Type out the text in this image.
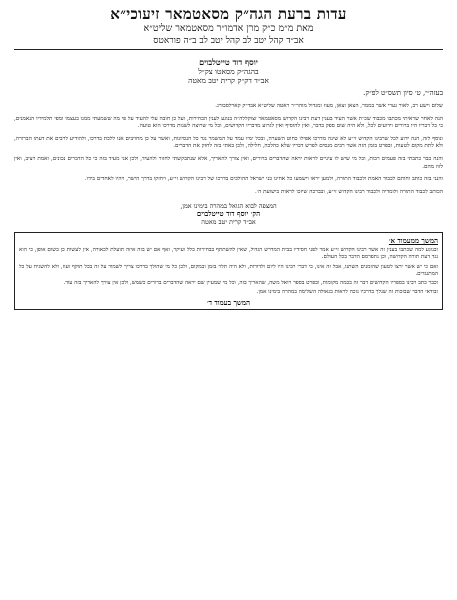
עדות ברעת הגה״ק מסאטמאר זיעוכי״א
מאת מ״מ כ״ק מרן אדמו״ר מסאטמאר שליט״א
אב״ד קהל יטב לב קהל יטב לב ב״ה פוראטס
יוסף דוד טייטלבוים
בהגה״ק מסאטו צק״ל
אב״ד דק״ק קרית יטב מאטה
בעזה״י, ט׳ סיון תשס״ט לפ״ק.

שלום וישע רב, לאור נערי אשר בממר, הצאן וצאן, מעוז ומגדול מוהר״ר ראטה שליט״א אבד״ק קארלסבורג.

הנה לאחר שראיתי מכתבו מכבוד שכ״ת אשר העיד בענין דעת רבינו הקדוש מסאטמאר זצוקללה״ה בנוגע לענין הבחירות, ועל כן חובה עלי להעיד על פי מה ששמעתי ממנו בעצמו ומפי תלמידיו הנאמנים, כי כל דבריו היו ברורים וידועים לכל, ולא היה שום ספק בדבר, ואין להוסיף ואין לגרוע מדבריו הקדושים, וכל מי שרוצה לשנות מדרכו הוא טועה.

ונוסף לזה, הנה ידוע לכל שרבינו הקדוש זי״ע לא שינה מדרכו אפילו כחוט השערה, ובכל ימיו עמד על המשמר נגד כל הנסיונות, ואשר על כן מחויבים אנו ללכת בדרכו, ולהודיע לרבים את דעתו הברורה, ולא לתת מקום לטעות, ובפרט בזמן הזה אשר רבים מנסים לפרש דבריו שלא כהלכה, חלילה, ולכן באתי בזה לחזק את הדברים.

והנה כבר כתבתי בזה פעמים רבות, וכל מי שיש לו עיניים לראות יראה שהדברים ברורים, ואין צורך להאריך, אלא שנתבקשתי לחזור ולהעיד, ולכן אני מעיד בזה כי כל הדברים נכונים, ואמת ויציב, ואין לזוז מהם.

והנני בזה כותב וחותם לכבוד האמת ולכבוד התורה, ולמען יראו וישמעו כל אחינו בני ישראל ההולכים בדרכו של רבינו הקדוש זי״ע, ויחזקו בדרך הישר, ויהיו לאחדים בידו.

הכותב לכבוד התורה ולומדיה ולכבוד רבינו הקדוש זי״ע, ובברכה שיזכו לראות בישועת ה׳.

המצפה לבוא הגואל במהרה בימינו אמן,
הק׳ יוסף דוד טייטלבוים
אב״ד קרית יטב מאטה
המשך ממעמוד א׳

ובנוגע למה שכתבו בענין זה אשר רבינו הקדוש זי״ע אמר לפני חסידיו בבית המדרש הגדול, שאין להשתתף בבחירות כלל ועיקר, ואף אם יש בזה איזה תועלת לכאורה, אין לעשות כן בשום אופן, כי הוא נגד דעת תורה הקדושה, וכן נתפרסם הדבר בכל העולם.

ואם כי יש אשר ירצו לטעון שהזמנים השתנו, אבל זה אינו, כי דברי רבינו היו ליום ולדורות, ולא היה תלוי בזמן ובמקום, ולכן כל מי שהולך בדרכו צריך לשמור על זה בכל תוקף ועוז, ולא להשגיח על כל המתנגדים.

וכבר כתב רבינו בספריו הקדושים דבר זה בכמה מקומות, ובפרט בספר ויואל משה, שהאריך בזה, וכל מי שמעיין שם יראה שהדברים ברורים כשמש, ולכן אין צורך להאריך בזה עוד.

ובודאי הדבר שבזכות זה שנלך בדרכיו נזכה לראות בגאולה השלימה במהרה בימינו אמן.

המשך בעמוד ד׳
